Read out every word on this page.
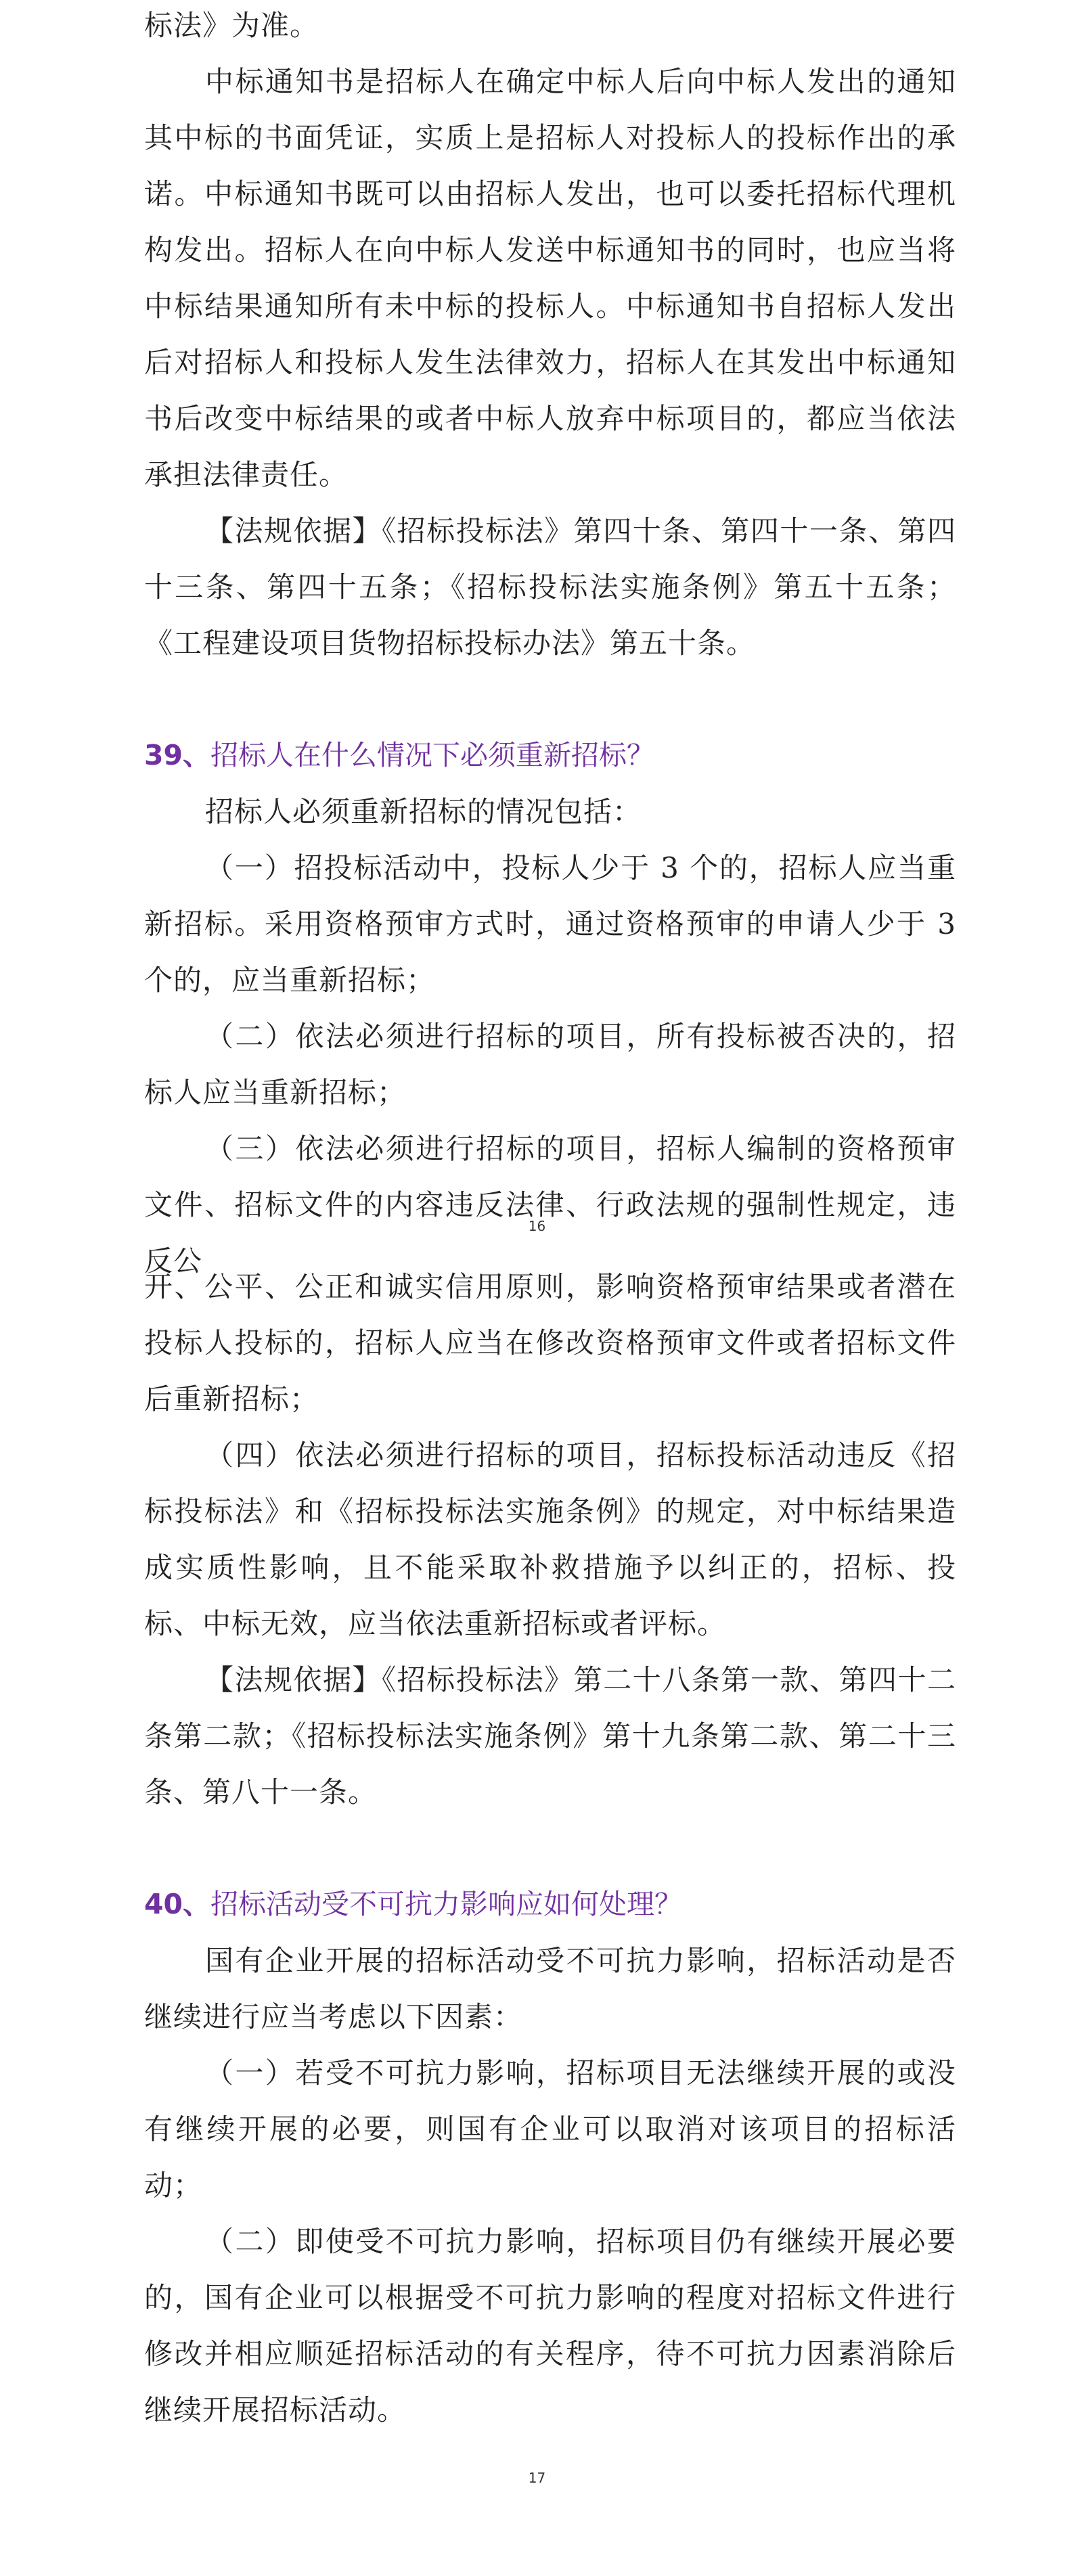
标法》为准。

中标通知书是招标人在确定中标人后向中标人发出的通知其中标的书面凭证，实质上是招标人对投标人的投标作出的承诺。中标通知书既可以由招标人发出，也可以委托招标代理机构发出。招标人在向中标人发送中标通知书的同时，也应当将中标结果通知所有未中标的投标人。中标通知书自招标人发出后对招标人和投标人发生法律效力，招标人在其发出中标通知书后改变中标结果的或者中标人放弃中标项目的，都应当依法承担法律责任。

【法规依据】《招标投标法》第四十条、第四十一条、第四十三条、第四十五条；《招标投标法实施条例》第五十五条；《工程建设项目货物招标投标办法》第五十条。

39、招标人在什么情况下必须重新招标？

招标人必须重新招标的情况包括：

（一）招投标活动中，投标人少于 3 个的，招标人应当重新招标。采用资格预审方式时，通过资格预审的申请人少于 3 个的，应当重新招标；

（二）依法必须进行招标的项目，所有投标被否决的，招标人应当重新招标；

（三）依法必须进行招标的项目，招标人编制的资格预审文件、招标文件的内容违反法律、行政法规的强制性规定，违反公

16

开、公平、公正和诚实信用原则，影响资格预审结果或者潜在投标人投标的，招标人应当在修改资格预审文件或者招标文件后重新招标；

（四）依法必须进行招标的项目，招标投标活动违反《招标投标法》和《招标投标法实施条例》的规定，对中标结果造成实质性影响，且不能采取补救措施予以纠正的，招标、投标、中标无效，应当依法重新招标或者评标。

【法规依据】《招标投标法》第二十八条第一款、第四十二条第二款；《招标投标法实施条例》第十九条第二款、第二十三条、第八十一条。

40、招标活动受不可抗力影响应如何处理？

国有企业开展的招标活动受不可抗力影响，招标活动是否继续进行应当考虑以下因素：

（一）若受不可抗力影响，招标项目无法继续开展的或没有继续开展的必要，则国有企业可以取消对该项目的招标活动；

（二）即使受不可抗力影响，招标项目仍有继续开展必要的，国有企业可以根据受不可抗力影响的程度对招标文件进行修改并相应顺延招标活动的有关程序，待不可抗力因素消除后继续开展招标活动。

17
